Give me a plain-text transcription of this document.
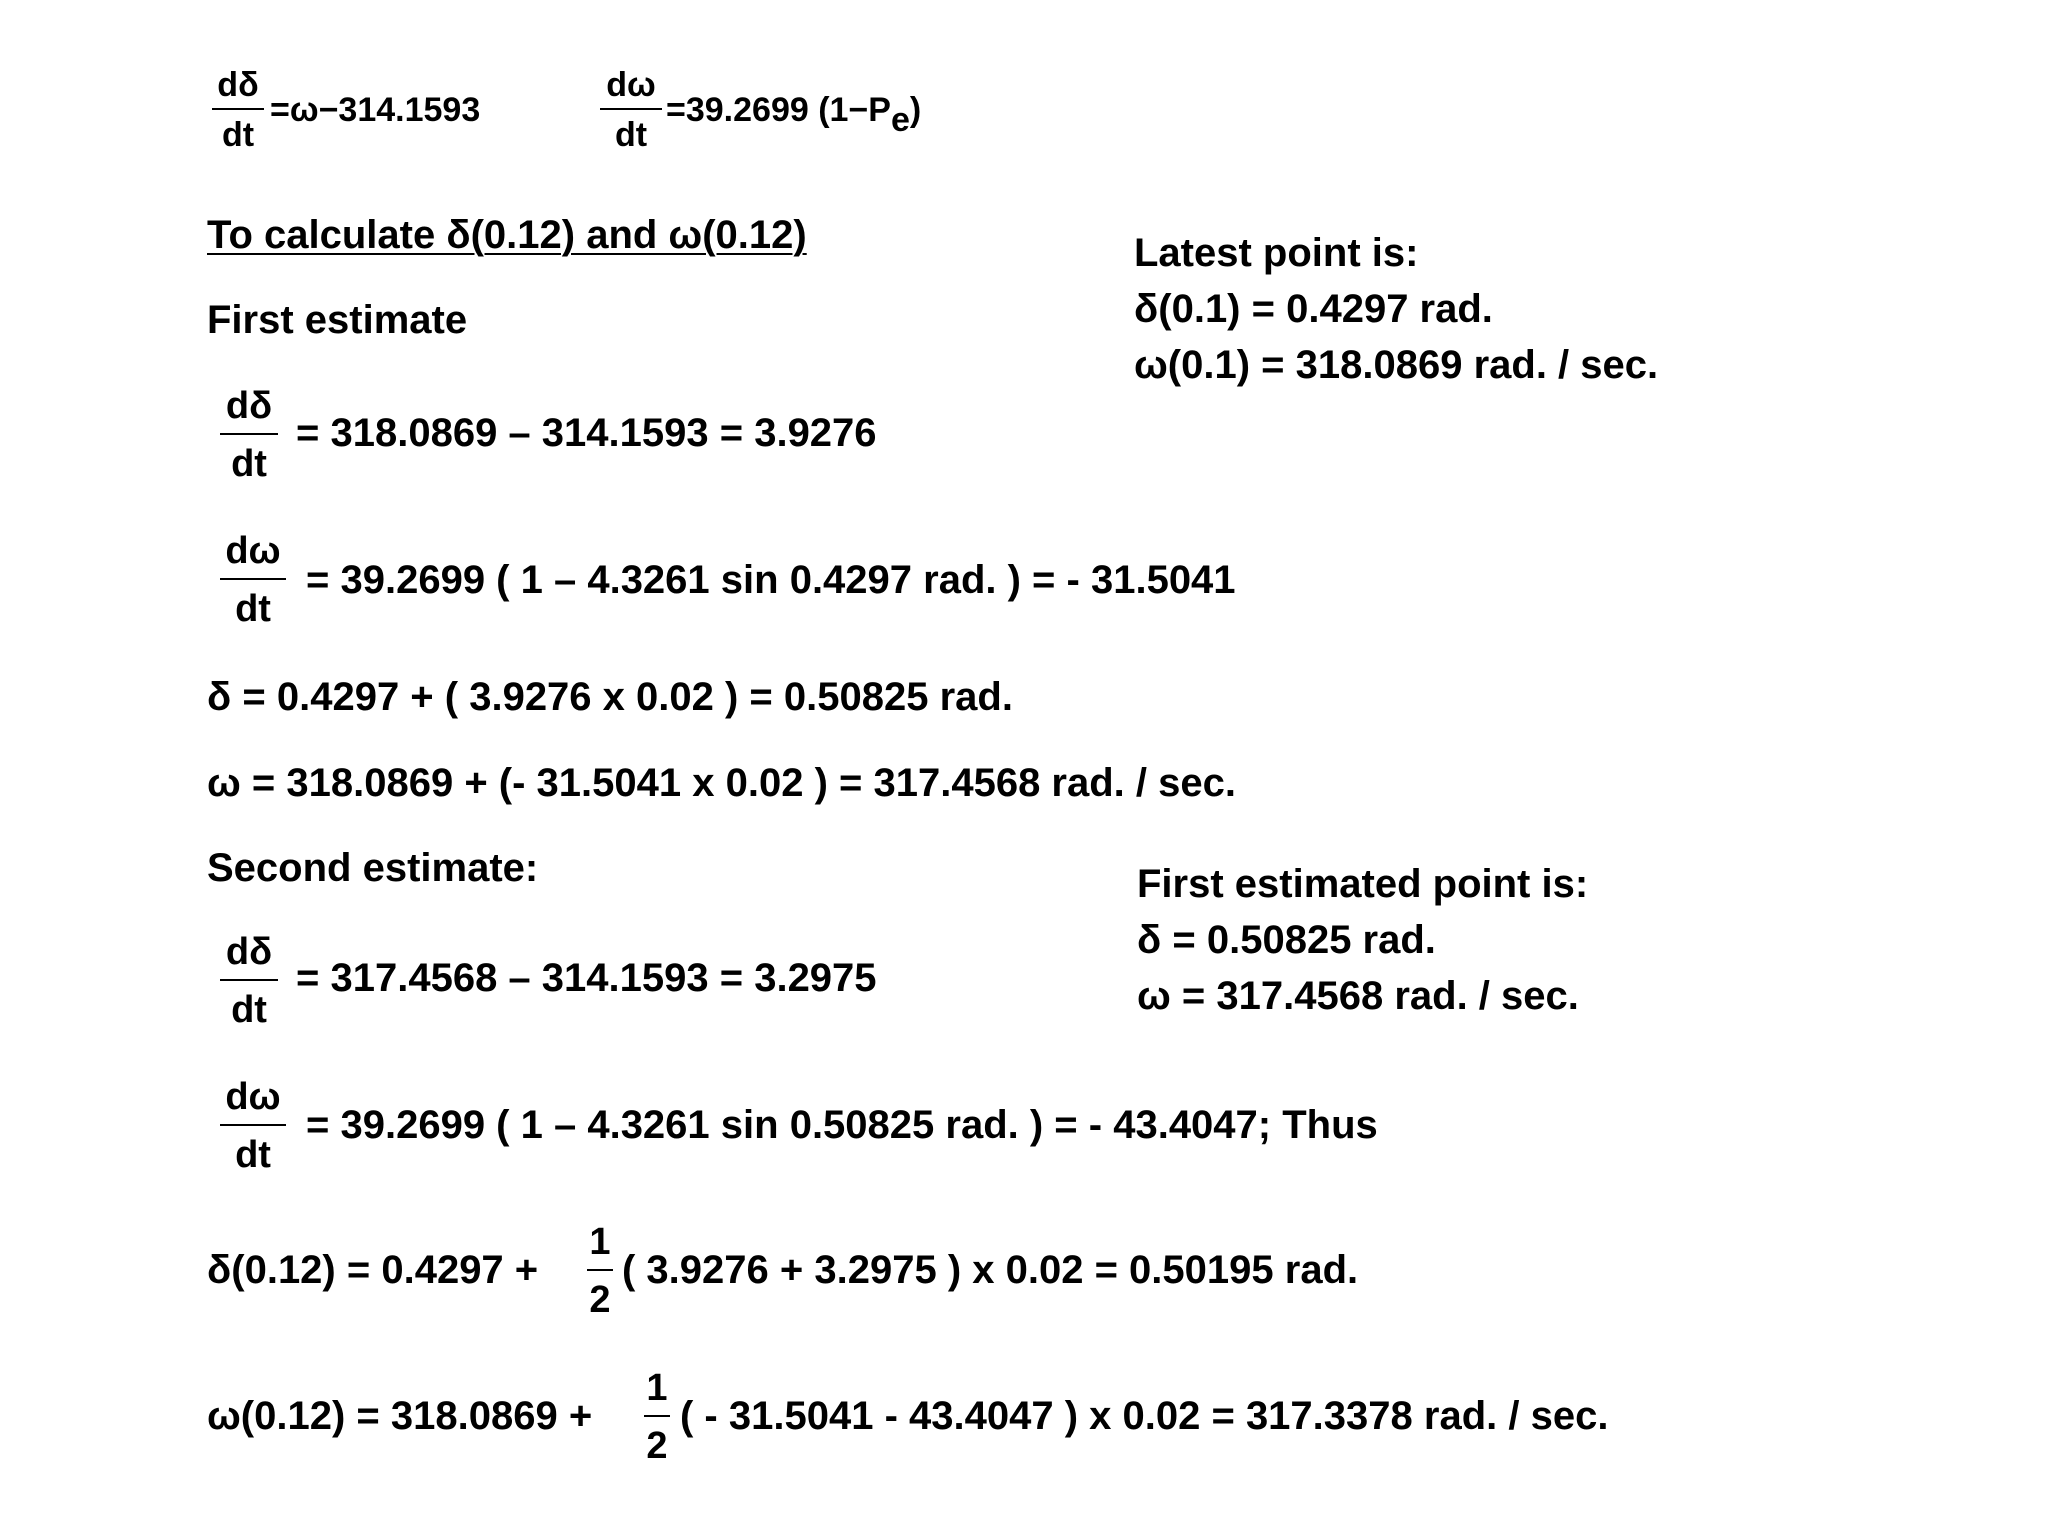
dδ
dt
=ω−314.1593
dω
dt
=39.2699 (1−Pe)
To calculate δ(0.12) and ω(0.12)	Latest point is:
δ(0.1) = 0.4297 rad.
ω(0.1) = 318.0869 rad. / sec.
First estimate
dδ
dt
= 318.0869 – 314.1593 = 3.9276
dω
dt
= 39.2699 ( 1 – 4.3261 sin 0.4297 rad. ) = - 31.5041
δ = 0.4297 + ( 3.9276 x 0.02 ) = 0.50825 rad.
ω = 318.0869 + (- 31.5041 x 0.02 ) = 317.4568 rad. / sec.
Second estimate:	First estimated point is:
δ = 0.50825 rad.
ω = 317.4568 rad. / sec.
dδ
dt
= 317.4568 – 314.1593 = 3.2975
dω
dt
= 39.2699 ( 1 – 4.3261 sin 0.50825 rad. ) = - 43.4047; Thus
δ(0.12) = 0.4297 +
1
2
( 3.9276 + 3.2975 ) x 0.02 = 0.50195 rad.
ω(0.12) = 318.0869 +
1
2
( - 31.5041 - 43.4047 ) x 0.02 = 317.3378 rad. / sec.
